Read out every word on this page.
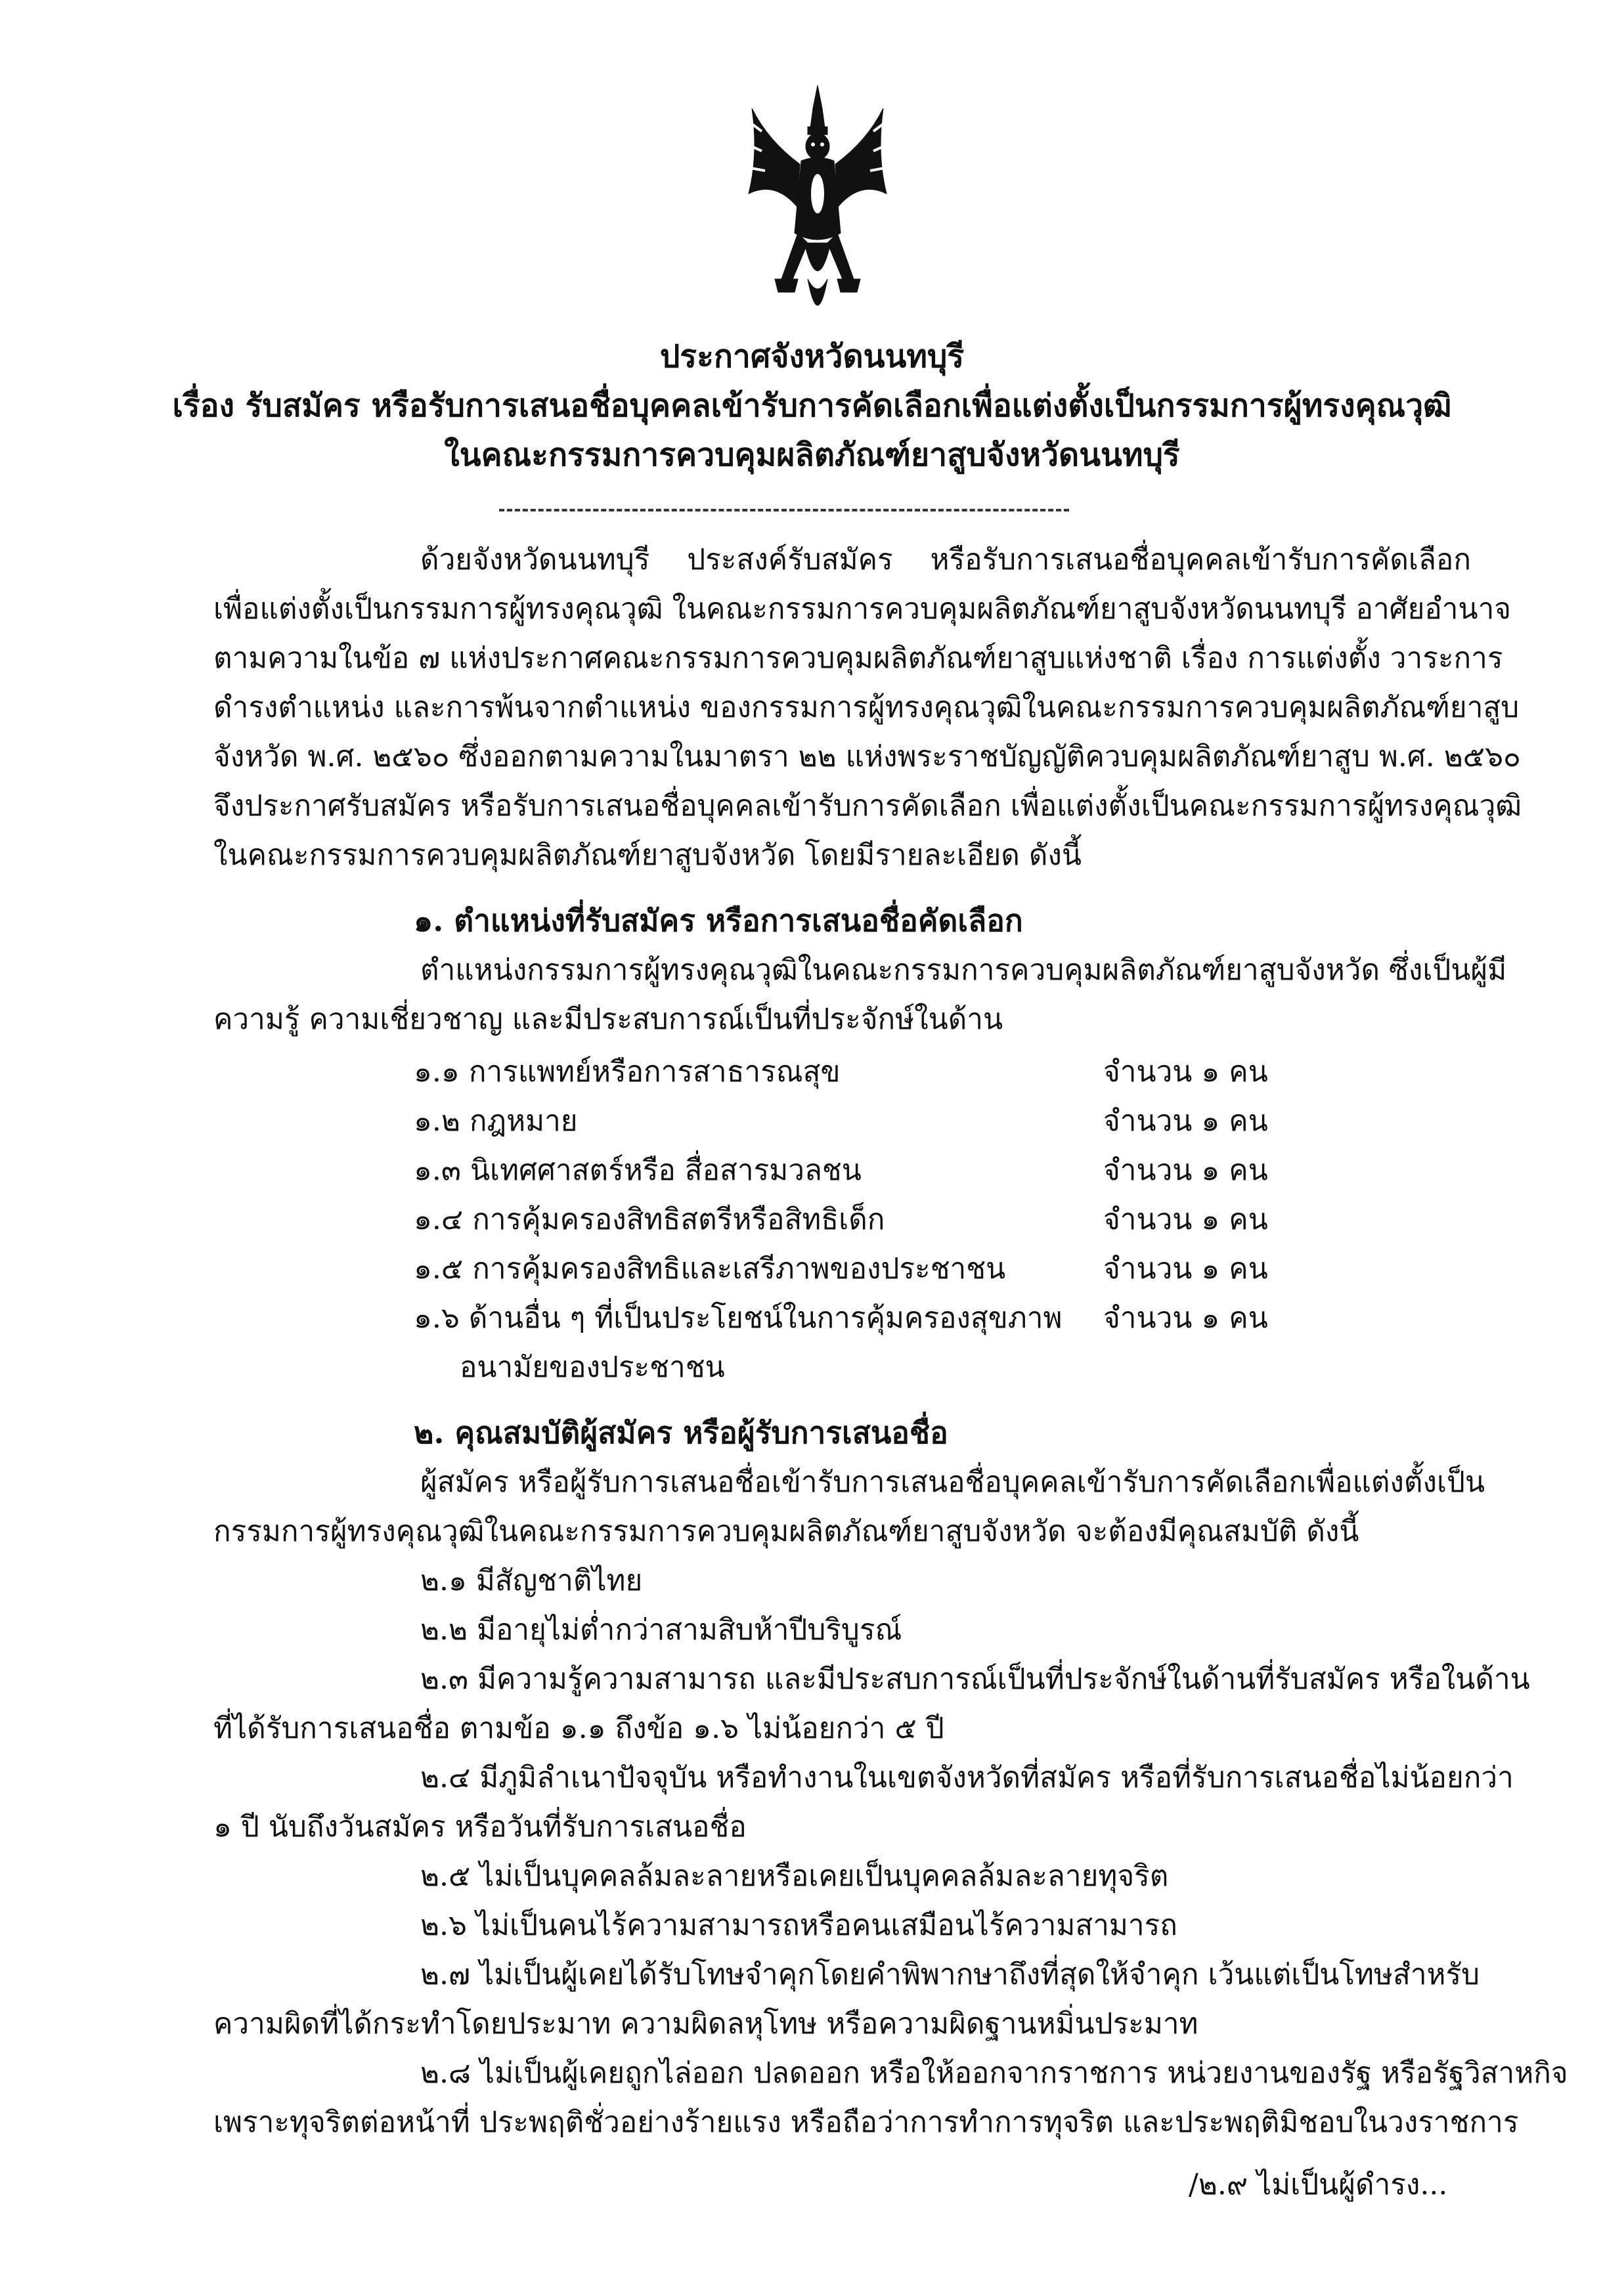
ประกาศจังหวัดนนทบุรี
เรื่อง รับสมัคร หรือรับการเสนอชื่อบุคคลเข้ารับการคัดเลือกเพื่อแต่งตั้งเป็นกรรมการผู้ทรงคุณวุฒิ
ในคณะกรรมการควบคุมผลิตภัณฑ์ยาสูบจังหวัดนนทบุรี
ด้วยจังหวัดนนทบุรี ประสงค์รับสมัคร หรือรับการเสนอชื่อบุคคลเข้ารับการคัดเลือก
เพื่อแต่งตั้งเป็นกรรมการผู้ทรงคุณวุฒิ ในคณะกรรมการควบคุมผลิตภัณฑ์ยาสูบจังหวัดนนทบุรี อาศัยอำนาจ
ตามความในข้อ ๗ แห่งประกาศคณะกรรมการควบคุมผลิตภัณฑ์ยาสูบแห่งชาติ เรื่อง การแต่งตั้ง วาระการ
ดำรงตำแหน่ง และการพ้นจากตำแหน่ง ของกรรมการผู้ทรงคุณวุฒิในคณะกรรมการควบคุมผลิตภัณฑ์ยาสูบ
จังหวัด พ.ศ. ๒๕๖๐ ซึ่งออกตามความในมาตรา ๒๒ แห่งพระราชบัญญัติควบคุมผลิตภัณฑ์ยาสูบ พ.ศ. ๒๕๖๐
จึงประกาศรับสมัคร หรือรับการเสนอชื่อบุคคลเข้ารับการคัดเลือก เพื่อแต่งตั้งเป็นคณะกรรมการผู้ทรงคุณวุฒิ
ในคณะกรรมการควบคุมผลิตภัณฑ์ยาสูบจังหวัด โดยมีรายละเอียด ดังนี้
๑. ตำแหน่งที่รับสมัคร หรือการเสนอชื่อคัดเลือก
ตำแหน่งกรรมการผู้ทรงคุณวุฒิในคณะกรรมการควบคุมผลิตภัณฑ์ยาสูบจังหวัด ซึ่งเป็นผู้มี
ความรู้ ความเชี่ยวชาญ และมีประสบการณ์เป็นที่ประจักษ์ในด้าน
๑.๑ การแพทย์หรือการสาธารณสุข	จำนวน ๑ คน
๑.๒ กฎหมาย	จำนวน ๑ คน
๑.๓ นิเทศศาสตร์หรือ สื่อสารมวลชน	จำนวน ๑ คน
๑.๔ การคุ้มครองสิทธิสตรีหรือสิทธิเด็ก	จำนวน ๑ คน
๑.๕ การคุ้มครองสิทธิและเสรีภาพของประชาชน	จำนวน ๑ คน
๑.๖ ด้านอื่น ๆ ที่เป็นประโยชน์ในการคุ้มครองสุขภาพ จำนวน ๑ คน
อนามัยของประชาชน
๒. คุณสมบัติผู้สมัคร หรือผู้รับการเสนอชื่อ
ผู้สมัคร หรือผู้รับการเสนอชื่อเข้ารับการเสนอชื่อบุคคลเข้ารับการคัดเลือกเพื่อแต่งตั้งเป็น
กรรมการผู้ทรงคุณวุฒิในคณะกรรมการควบคุมผลิตภัณฑ์ยาสูบจังหวัด จะต้องมีคุณสมบัติ ดังนี้
๒.๑ มีสัญชาติไทย
๒.๒ มีอายุไม่ต่ำกว่าสามสิบห้าปีบริบูรณ์
๒.๓ มีความรู้ความสามารถ และมีประสบการณ์เป็นที่ประจักษ์ในด้านที่รับสมัคร หรือในด้าน
ที่ได้รับการเสนอชื่อ ตามข้อ ๑.๑ ถึงข้อ ๑.๖ ไม่น้อยกว่า ๕ ปี
๒.๔ มีภูมิลำเนาปัจจุบัน หรือทำงานในเขตจังหวัดที่สมัคร หรือที่รับการเสนอชื่อไม่น้อยกว่า
๑ ปี นับถึงวันสมัคร หรือวันที่รับการเสนอชื่อ
๒.๕ ไม่เป็นบุคคลล้มละลายหรือเคยเป็นบุคคลล้มละลายทุจริต
๒.๖ ไม่เป็นคนไร้ความสามารถหรือคนเสมือนไร้ความสามารถ
๒.๗ ไม่เป็นผู้เคยได้รับโทษจำคุกโดยคำพิพากษาถึงที่สุดให้จำคุก เว้นแต่เป็นโทษสำหรับ
ความผิดที่ได้กระทำโดยประมาท ความผิดลหุโทษ หรือความผิดฐานหมิ่นประมาท
๒.๘ ไม่เป็นผู้เคยถูกไล่ออก ปลดออก หรือให้ออกจากราชการ หน่วยงานของรัฐ หรือรัฐวิสาหกิจ
เพราะทุจริตต่อหน้าที่ ประพฤติชั่วอย่างร้ายแรง หรือถือว่าการทำการทุจริต และประพฤติมิชอบในวงราชการ
/๒.๙ ไม่เป็นผู้ดำรง...
